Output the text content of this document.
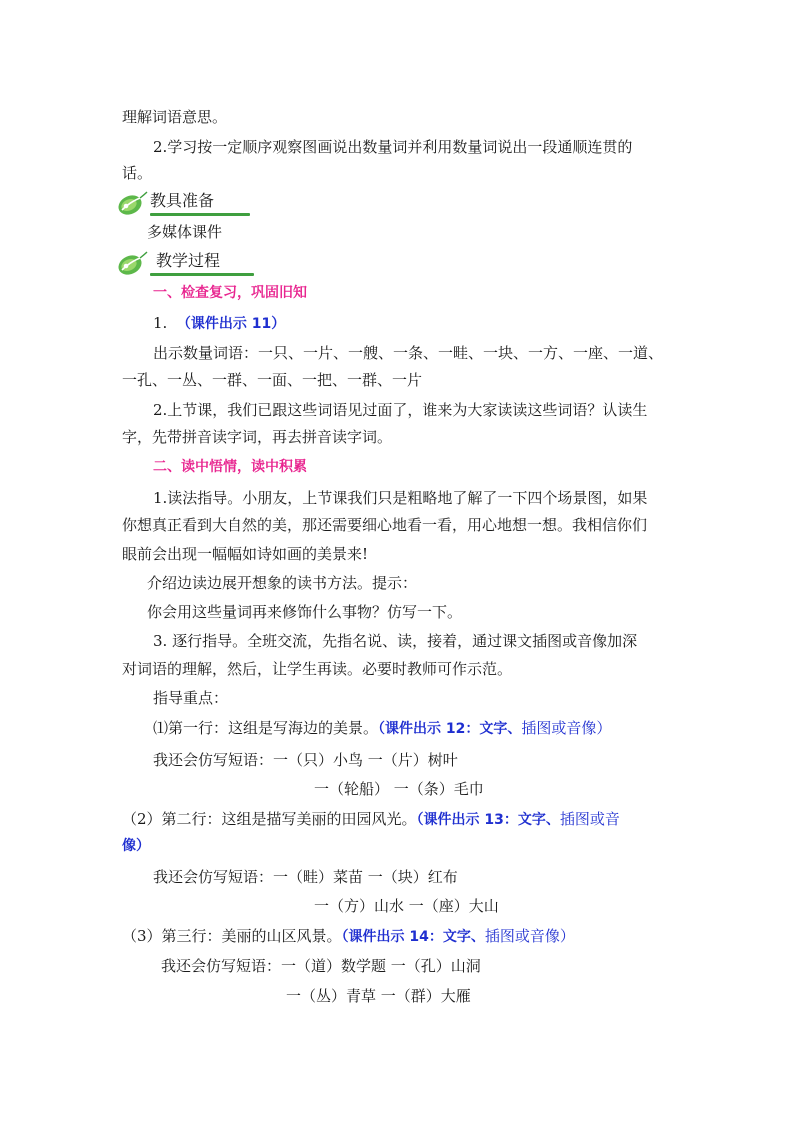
理解词语意思。
2.学习按一定顺序观察图画说出数量词并利用数量词说出一段通顺连贯的
话。
教具准备
多媒体课件
教学过程
一、检查复习，巩固旧知
1. （课件出示 11）
出示数量词语：一只、一片、一艘、一条、一畦、一块、一方、一座、一道、
一孔、一丛、一群、一面、一把、一群、一片
2.上节课，我们已跟这些词语见过面了，谁来为大家读读这些词语？认读生
字，先带拼音读字词，再去拼音读字词。
二、读中悟情，读中积累
1.读法指导。小朋友，上节课我们只是粗略地了解了一下四个场景图，如果
你想真正看到大自然的美，那还需要细心地看一看，用心地想一想。我相信你们
眼前会出现一幅幅如诗如画的美景来!
介绍边读边展开想象的读书方法。提示：
你会用这些量词再来修饰什么事物？仿写一下。
3. 逐行指导。全班交流，先指名说、读，接着，通过课文插图或音像加深
对词语的理解，然后，让学生再读。必要时教师可作示范。
指导重点：
⑴第一行：这组是写海边的美景。（课件出示 12：文字、插图或音像）
我还会仿写短语：一（只）小鸟 一（片）树叶
一（轮船） 一（条）毛巾
（2）第二行：这组是描写美丽的田园风光。（课件出示 13：文字、插图或音
像）
我还会仿写短语：一（畦）菜苗 一（块）红布
一（方）山水 一（座）大山
（3）第三行：美丽的山区风景。（课件出示 14：文字、插图或音像）
我还会仿写短语：一（道）数学题 一（孔）山洞
一（丛）青草 一（群）大雁
